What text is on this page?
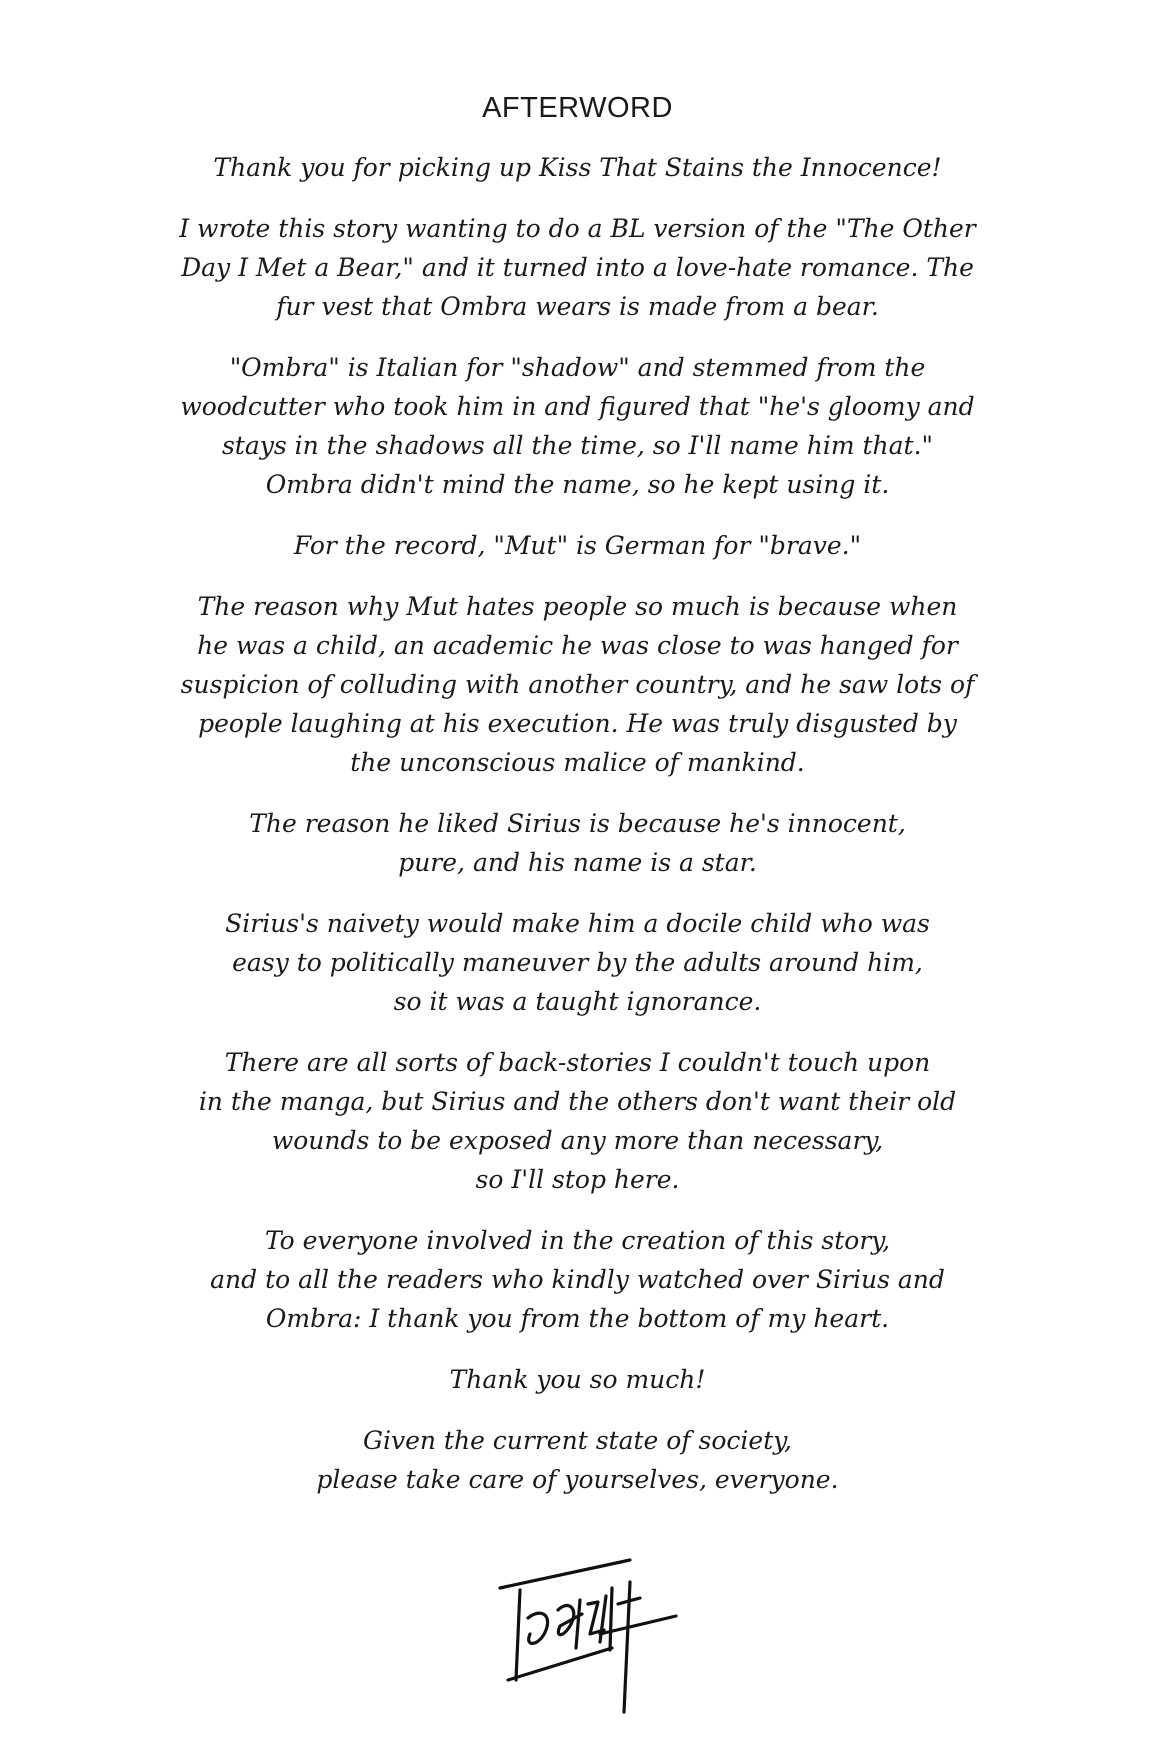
AFTERWORD
Thank you for picking up Kiss That Stains the Innocence!
I wrote this story wanting to do a BL version of the "The Other
Day I Met a Bear," and it turned into a love-hate romance. The
fur vest that Ombra wears is made from a bear.
"Ombra" is Italian for "shadow" and stemmed from the
woodcutter who took him in and figured that "he's gloomy and
stays in the shadows all the time, so I'll name him that."
Ombra didn't mind the name, so he kept using it.
For the record, "Mut" is German for "brave."
The reason why Mut hates people so much is because when
he was a child, an academic he was close to was hanged for
suspicion of colluding with another country, and he saw lots of
people laughing at his execution. He was truly disgusted by
the unconscious malice of mankind.
The reason he liked Sirius is because he's innocent,
pure, and his name is a star.
Sirius's naivety would make him a docile child who was
easy to politically maneuver by the adults around him,
so it was a taught ignorance.
There are all sorts of back-stories I couldn't touch upon
in the manga, but Sirius and the others don't want their old
wounds to be exposed any more than necessary,
so I'll stop here.
To everyone involved in the creation of this story,
and to all the readers who kindly watched over Sirius and
Ombra: I thank you from the bottom of my heart.
Thank you so much!
Given the current state of society,
please take care of yourselves, everyone.
